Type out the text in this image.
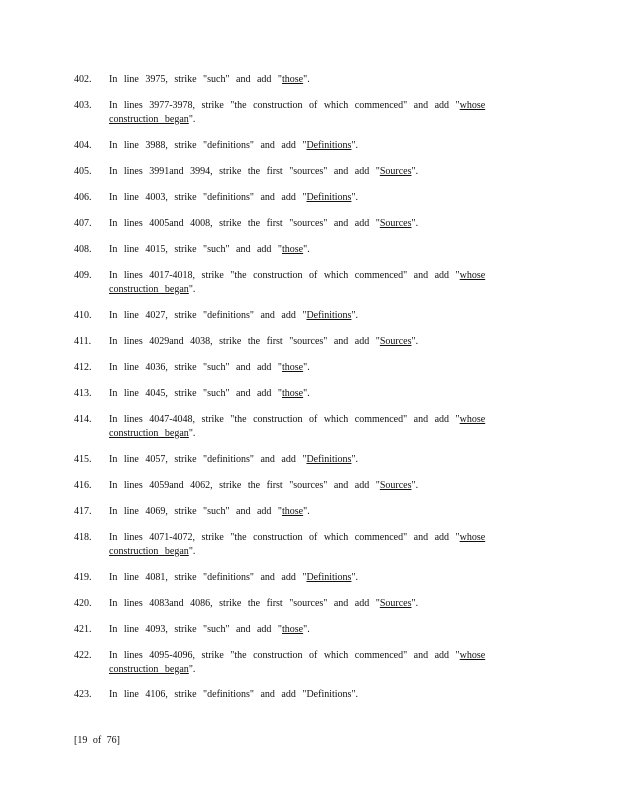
402.	In line 3975, strike "such" and add "those".
403.	In lines 3977-3978, strike "the construction of which commenced" and add "whose construction began".
404.	In line 3988, strike "definitions" and add "Definitions".
405.	In lines 3991and 3994, strike the first "sources" and add "Sources".
406.	In line 4003, strike "definitions" and add "Definitions".
407.	In lines 4005and 4008, strike the first "sources" and add "Sources".
408.	In line 4015, strike "such" and add "those".
409.	In lines 4017-4018, strike "the construction of which commenced" and add "whose construction began".
410.	In line 4027, strike "definitions" and add "Definitions".
411.	In lines 4029and 4038, strike the first "sources" and add "Sources".
412.	In line 4036, strike "such" and add "those".
413.	In line 4045, strike "such" and add "those".
414.	In lines 4047-4048, strike "the construction of which commenced" and add "whose construction began".
415.	In line 4057, strike "definitions" and add "Definitions".
416.	In lines 4059and 4062, strike the first "sources" and add "Sources".
417.	In line 4069, strike "such" and add "those".
418.	In lines 4071-4072, strike "the construction of which commenced" and add "whose construction began".
419.	In line 4081, strike "definitions" and add "Definitions".
420.	In lines 4083and 4086, strike the first "sources" and add "Sources".
421.	In line 4093, strike "such" and add "those".
422.	In lines 4095-4096, strike "the construction of which commenced" and add "whose construction began".
423.	In line 4106, strike "definitions" and add "Definitions".
[19 of 76]
